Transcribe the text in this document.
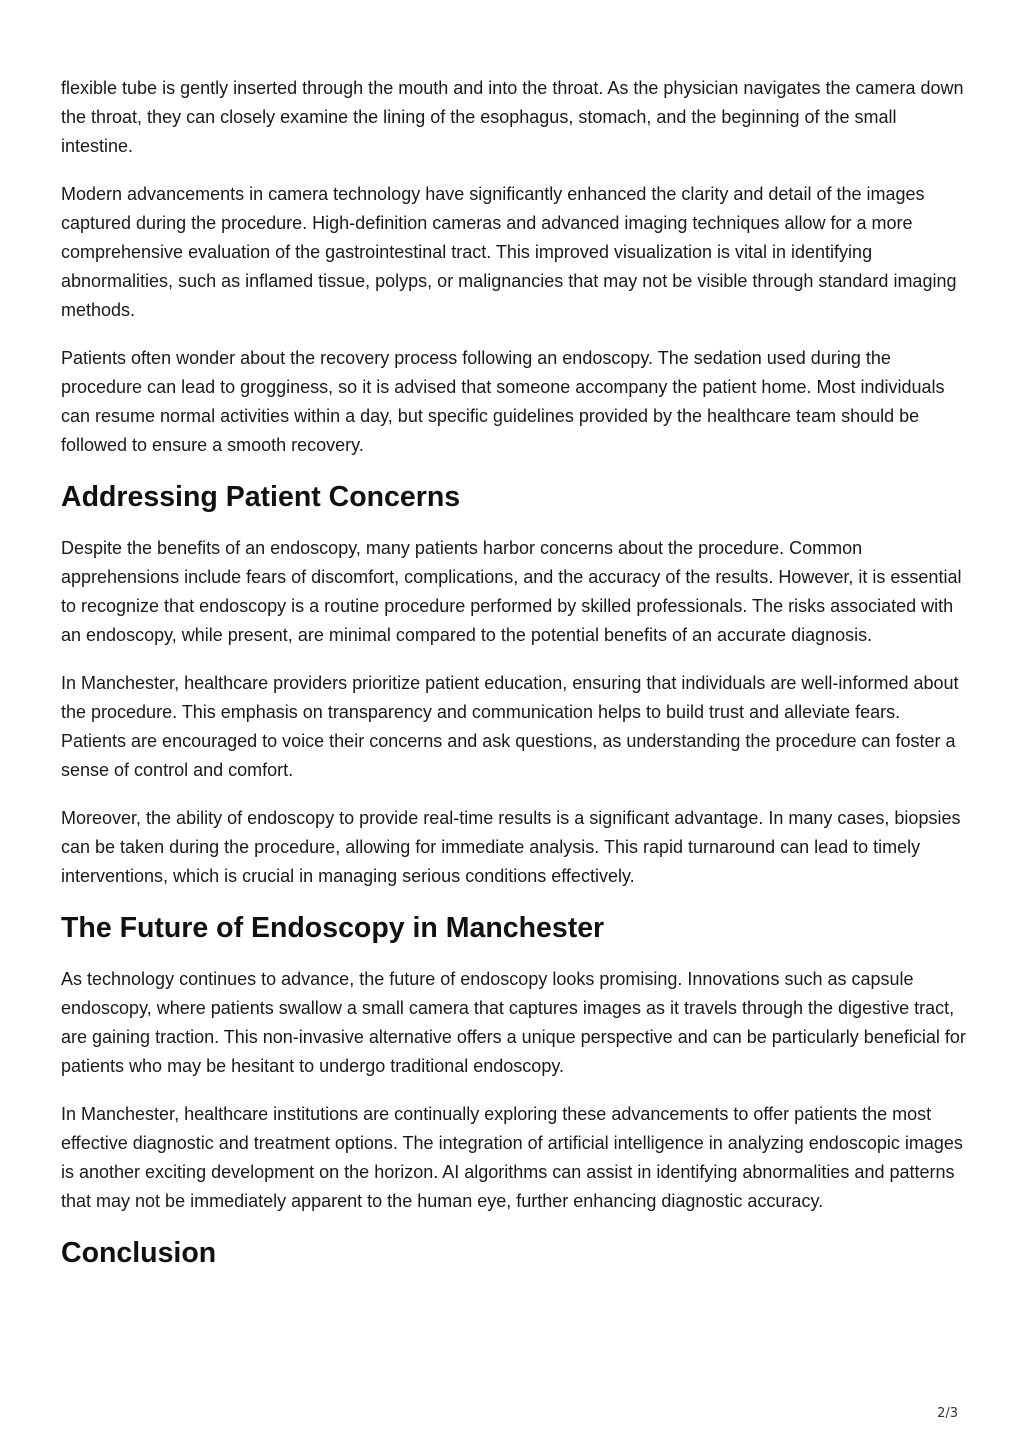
flexible tube is gently inserted through the mouth and into the throat. As the physician navigates the camera down the throat, they can closely examine the lining of the esophagus, stomach, and the beginning of the small intestine.

Modern advancements in camera technology have significantly enhanced the clarity and detail of the images captured during the procedure. High-definition cameras and advanced imaging techniques allow for a more comprehensive evaluation of the gastrointestinal tract. This improved visualization is vital in identifying abnormalities, such as inflamed tissue, polyps, or malignancies that may not be visible through standard imaging methods.

Patients often wonder about the recovery process following an endoscopy. The sedation used during the procedure can lead to grogginess, so it is advised that someone accompany the patient home. Most individuals can resume normal activities within a day, but specific guidelines provided by the healthcare team should be followed to ensure a smooth recovery.

Addressing Patient Concerns

Despite the benefits of an endoscopy, many patients harbor concerns about the procedure. Common apprehensions include fears of discomfort, complications, and the accuracy of the results. However, it is essential to recognize that endoscopy is a routine procedure performed by skilled professionals. The risks associated with an endoscopy, while present, are minimal compared to the potential benefits of an accurate diagnosis.

In Manchester, healthcare providers prioritize patient education, ensuring that individuals are well-informed about the procedure. This emphasis on transparency and communication helps to build trust and alleviate fears. Patients are encouraged to voice their concerns and ask questions, as understanding the procedure can foster a sense of control and comfort.

Moreover, the ability of endoscopy to provide real-time results is a significant advantage. In many cases, biopsies can be taken during the procedure, allowing for immediate analysis. This rapid turnaround can lead to timely interventions, which is crucial in managing serious conditions effectively.

The Future of Endoscopy in Manchester

As technology continues to advance, the future of endoscopy looks promising. Innovations such as capsule endoscopy, where patients swallow a small camera that captures images as it travels through the digestive tract, are gaining traction. This non-invasive alternative offers a unique perspective and can be particularly beneficial for patients who may be hesitant to undergo traditional endoscopy.

In Manchester, healthcare institutions are continually exploring these advancements to offer patients the most effective diagnostic and treatment options. The integration of artificial intelligence in analyzing endoscopic images is another exciting development on the horizon. AI algorithms can assist in identifying abnormalities and patterns that may not be immediately apparent to the human eye, further enhancing diagnostic accuracy.

Conclusion
2/3
